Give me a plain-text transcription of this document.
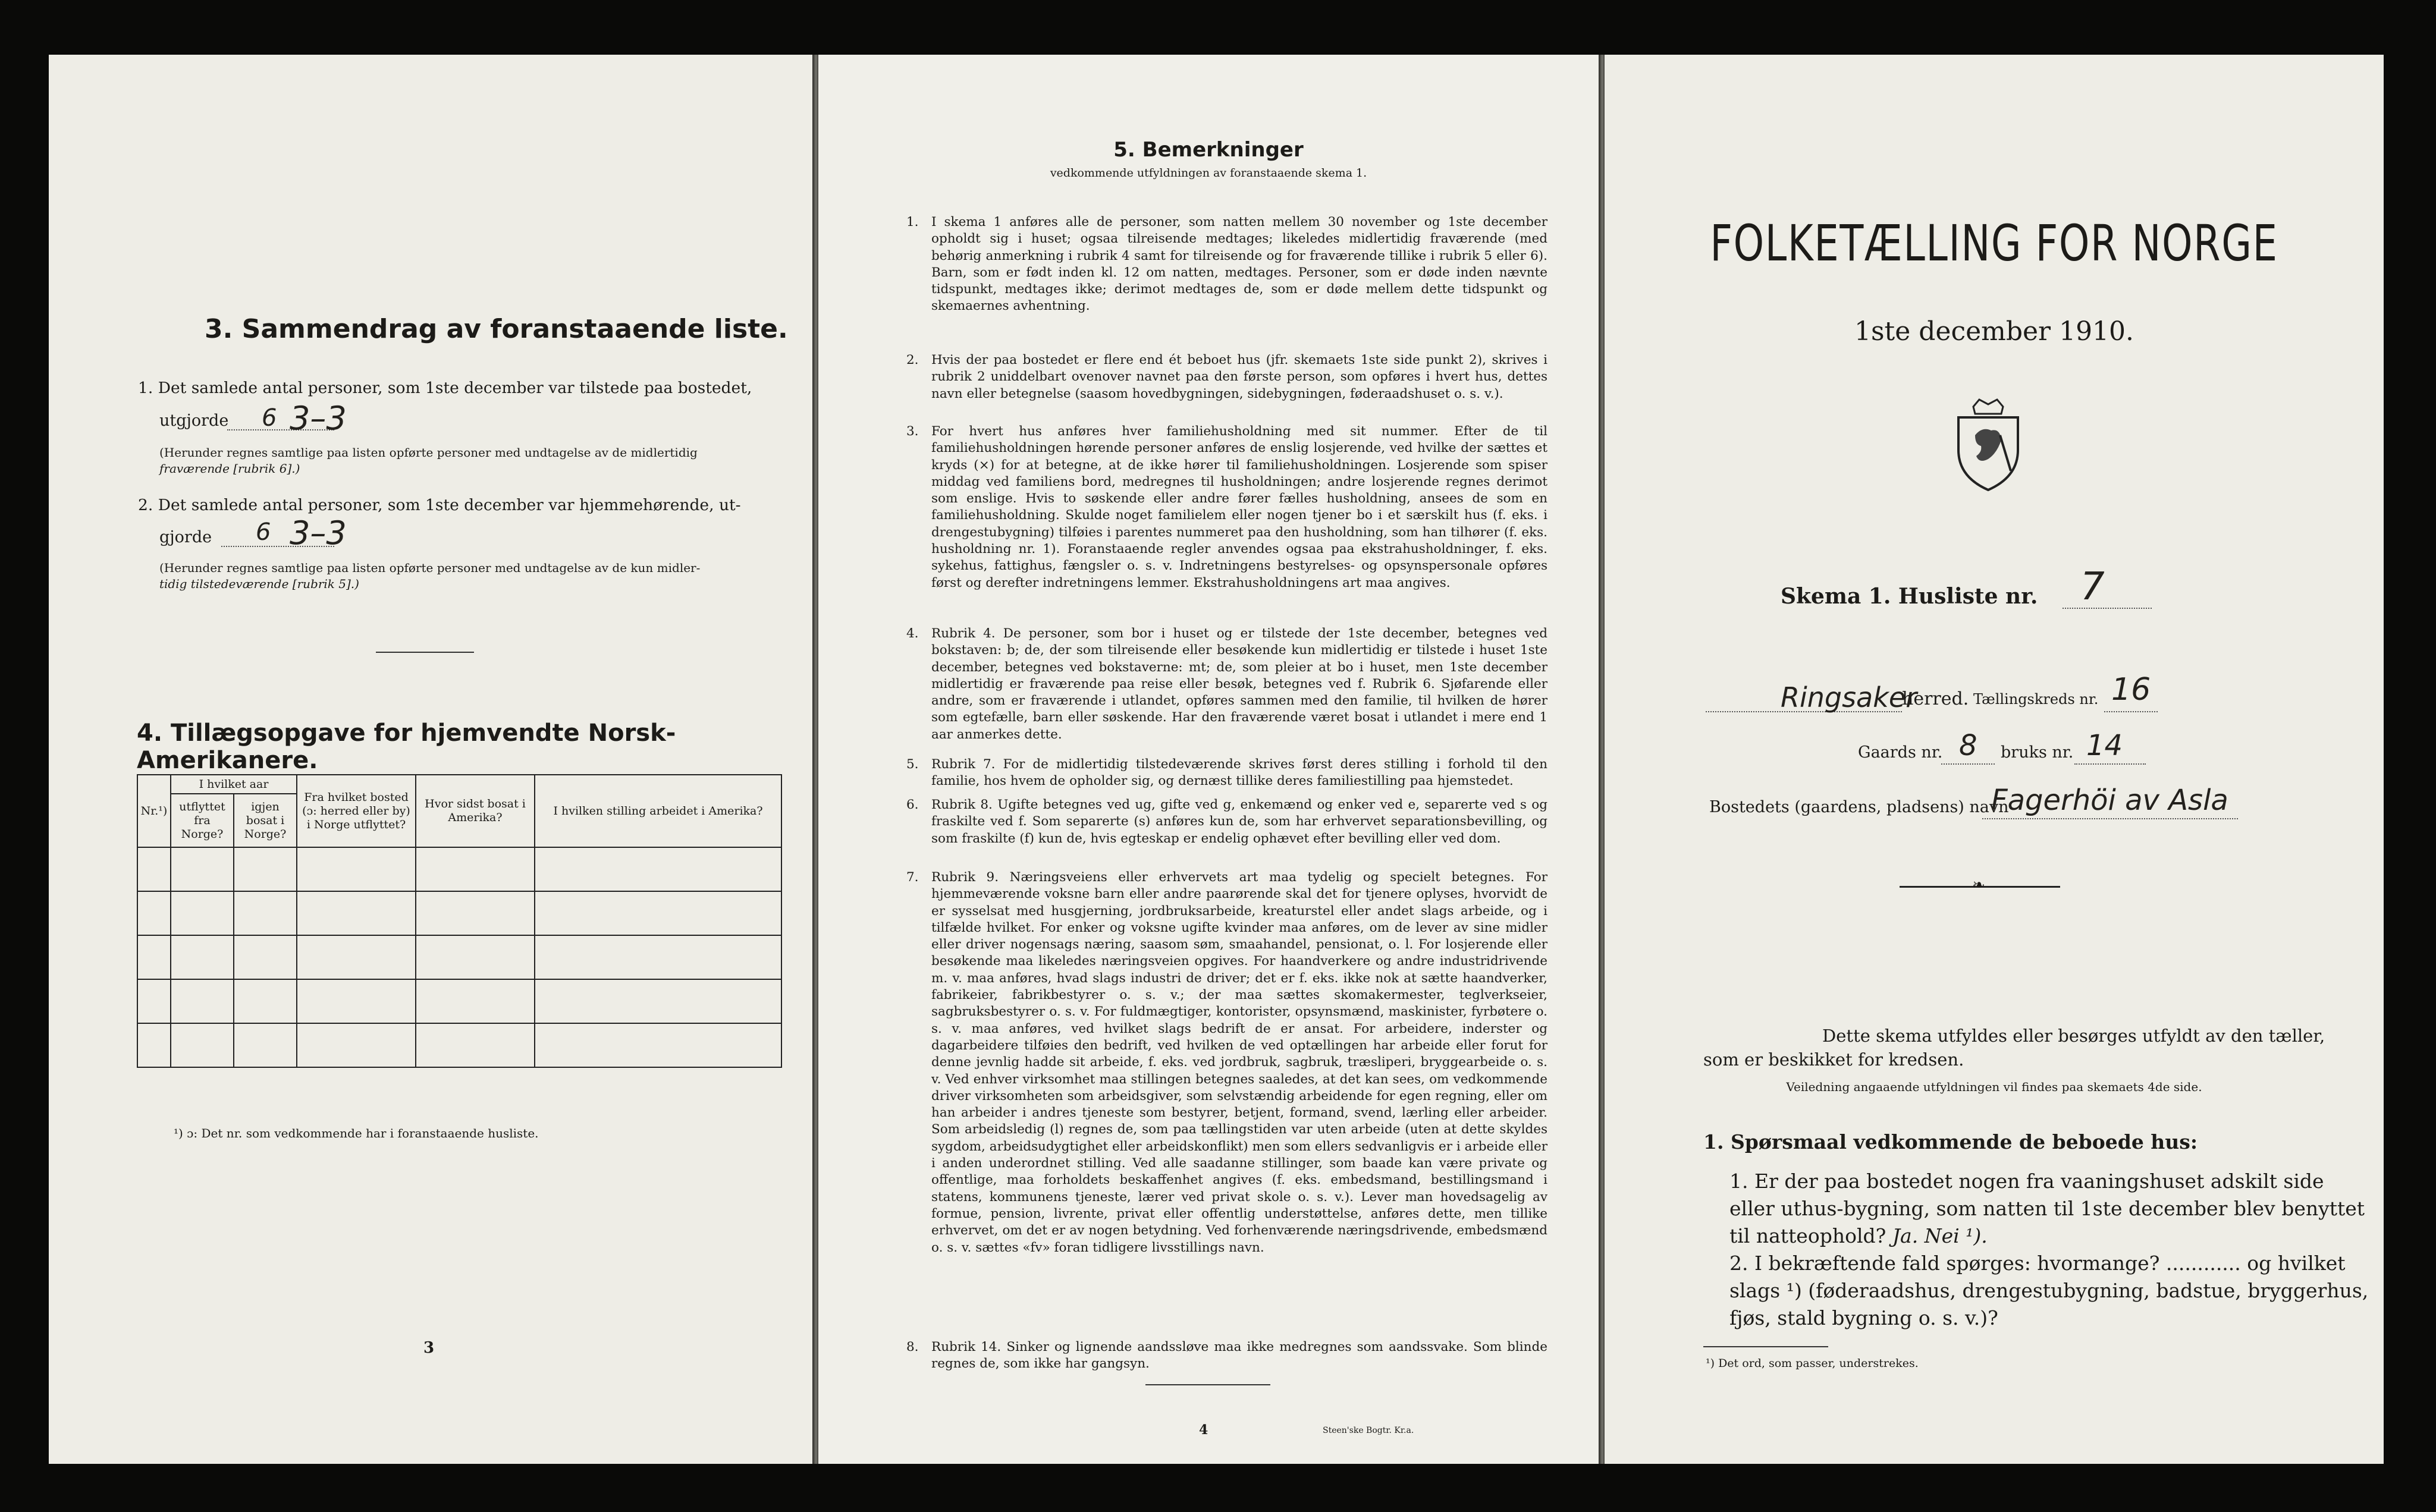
3. Sammendrag av foranstaaende liste.
1. Det samlede antal personer, som 1ste december var tilstede paa bostedet,
utgjorde 6 3–3
(Herunder regnes samtlige paa listen opførte personer med undtagelse av de midlertidig
fraværende [rubrik 6].)
2. Det samlede antal personer, som 1ste december var hjemmehørende, ut-
gjorde 6 3–3
(Herunder regnes samtlige paa listen opførte personer med undtagelse av de kun midler-
tidig tilstedeværende [rubrik 5].)
4. Tillægsopgave for hjemvendte Norsk-Amerikanere.
Nr.¹)	I hvilket aar		Fra hvilket bosted (ɔ: herred eller by) i Norge utflyttet?	Hvor sidst bosat i Amerika?	I hvilken stilling arbeidet i Amerika?
	utflyttet fra Norge?	igjen bosat i Norge?			

¹) ɔ: Det nr. som vedkommende har i foranstaaende husliste.
3
5. Bemerkninger
vedkommende utfyldningen av foranstaaende skema 1.
1. I skema 1 anføres alle de personer, som natten mellem 30 november og 1ste december opholdt sig i huset; ogsaa tilreisende medtages; likeledes midlertidig fraværende (med behørig anmerkning i rubrik 4 samt for tilreisende og for fraværende tillike i rubrik 5 eller 6). Barn, som er født inden kl. 12 om natten, medtages. Personer, som er døde inden nævnte tidspunkt, medtages ikke; derimot medtages de, som er døde mellem dette tidspunkt og skemaernes avhentning.
2. Hvis der paa bostedet er flere end ét beboet hus (jfr. skemaets 1ste side punkt 2), skrives i rubrik 2 uniddelbart ovenover navnet paa den første person, som opføres i hvert hus, dettes navn eller betegnelse (saasom hovedbygningen, sidebygningen, føderaadshuset o. s. v.).
3. For hvert hus anføres hver familiehusholdning med sit nummer. Efter de til familiehusholdningen hørende personer anføres de enslig losjerende, ved hvilke der sættes et kryds (×) for at betegne, at de ikke hører til familiehusholdningen. Losjerende som spiser middag ved familiens bord, medregnes til husholdningen; andre losjerende regnes derimot som enslige. Hvis to søskende eller andre fører fælles husholdning, ansees de som en familiehusholdning. Skulde noget familielem eller nogen tjener bo i et særskilt hus (f. eks. i drengestubygning) tilføies i parentes nummeret paa den husholdning, som han tilhører (f. eks. husholdning nr. 1). Foranstaaende regler anvendes ogsaa paa ekstrahusholdninger, f. eks. sykehus, fattighus, fængsler o. s. v. Indretningens bestyrelses- og opsynspersonale opføres først og derefter indretningens lemmer. Ekstrahusholdningens art maa angives.
4. Rubrik 4. De personer, som bor i huset og er tilstede der 1ste december, betegnes ved bokstaven: b; de, der som tilreisende eller besøkende kun midlertidig er tilstede i huset 1ste december, betegnes ved bokstaverne: mt; de, som pleier at bo i huset, men 1ste december midlertidig er fraværende paa reise eller besøk, betegnes ved f. Rubrik 6. Sjøfarende eller andre, som er fraværende i utlandet, opføres sammen med den familie, til hvilken de hører som egtefælle, barn eller søskende. Har den fraværende været bosat i utlandet i mere end 1 aar anmerkes dette.
5. Rubrik 7. For de midlertidig tilstedeværende skrives først deres stilling i forhold til den familie, hos hvem de opholder sig, og dernæst tillike deres familiestilling paa hjemstedet.
6. Rubrik 8. Ugifte betegnes ved ug, gifte ved g, enkemænd og enker ved e, separerte ved s og fraskilte ved f. Som separerte (s) anføres kun de, som har erhvervet separationsbevilling, og som fraskilte (f) kun de, hvis egteskap er endelig ophævet efter bevilling eller ved dom.
7. Rubrik 9. Næringsveiens eller erhvervets art maa tydelig og specielt betegnes. For hjemmeværende voksne barn eller andre paarørende skal det for tjenere oplyses, hvorvidt de er sysselsat med husgjerning, jordbruksarbeide, kreaturstel eller andet slags arbeide, og i tilfælde hvilket. For enker og voksne ugifte kvinder maa anføres, om de lever av sine midler eller driver nogensags næring, saasom søm, smaahandel, pensionat, o. l. For losjerende eller besøkende maa likeledes næringsveien opgives. For haandverkere og andre industridrivende m. v. maa anføres, hvad slags industri de driver; det er f. eks. ikke nok at sætte haandverker, fabrikeier, fabrikbestyrer o. s. v.; der maa sættes skomakermester, teglverkseier, sagbruksbestyrer o. s. v. For fuldmægtiger, kontorister, opsynsmænd, maskinister, fyrbøtere o. s. v. maa anføres, ved hvilket slags bedrift de er ansat. For arbeidere, inderster og dagarbeidere tilføies den bedrift, ved hvilken de ved optællingen har arbeide eller forut for denne jevnlig hadde sit arbeide, f. eks. ved jordbruk, sagbruk, træsliperi, bryggearbeide o. s. v. Ved enhver virksomhet maa stillingen betegnes saaledes, at det kan sees, om vedkommende driver virksomheten som arbeidsgiver, som selvstændig arbeidende for egen regning, eller om han arbeider i andres tjeneste som bestyrer, betjent, formand, svend, lærling eller arbeider. Som arbeidsledig (l) regnes de, som paa tællingstiden var uten arbeide (uten at dette skyldes sygdom, arbeidsudygtighet eller arbeidskonflikt) men som ellers sedvanligvis er i arbeide eller i anden underordnet stilling. Ved alle saadanne stillinger, som baade kan være private og offentlige, maa forholdets beskaffenhet angives (f. eks. embedsmand, bestillingsmand i statens, kommunens tjeneste, lærer ved privat skole o. s. v.). Lever man hovedsagelig av formue, pension, livrente, privat eller offentlig understøttelse, anføres dette, men tillike erhvervet, om det er av nogen betydning. Ved forhenværende næringsdrivende, embedsmænd o. s. v. sættes «fv» foran tidligere livsstillings navn.
8. Rubrik 14. Sinker og lignende aandssløve maa ikke medregnes som aandssvake. Som blinde regnes de, som ikke har gangsyn.
4	Steen'ske Bogtr. Kr.a.
FOLKETÆLLING FOR NORGE
1ste december 1910.
Skema 1. Husliste nr. 7
Ringsaker
herred. Tællingskreds nr. 16
Gaards nr. 8 bruks nr. 14
Bostedets (gaardens, pladsens) navn
Fagerhöi av Asla
❧
Dette skema utfyldes eller besørges utfyldt av den tæller, som er beskikket for kredsen.
Veiledning angaaende utfyldningen vil findes paa skemaets 4de side.
1. Spørsmaal vedkommende de beboede hus:
1. Er der paa bostedet nogen fra vaaningshuset adskilt side eller uthus-bygning, som natten til 1ste december blev benyttet til natteophold? Ja. Nei ¹).
2. I bekræftende fald spørges: hvormange? ............ og hvilket slags ¹) (føderaadshus, drengestubygning, badstue, bryggerhus, fjøs, stald bygning o. s. v.)?
¹) Det ord, som passer, understrekes.
